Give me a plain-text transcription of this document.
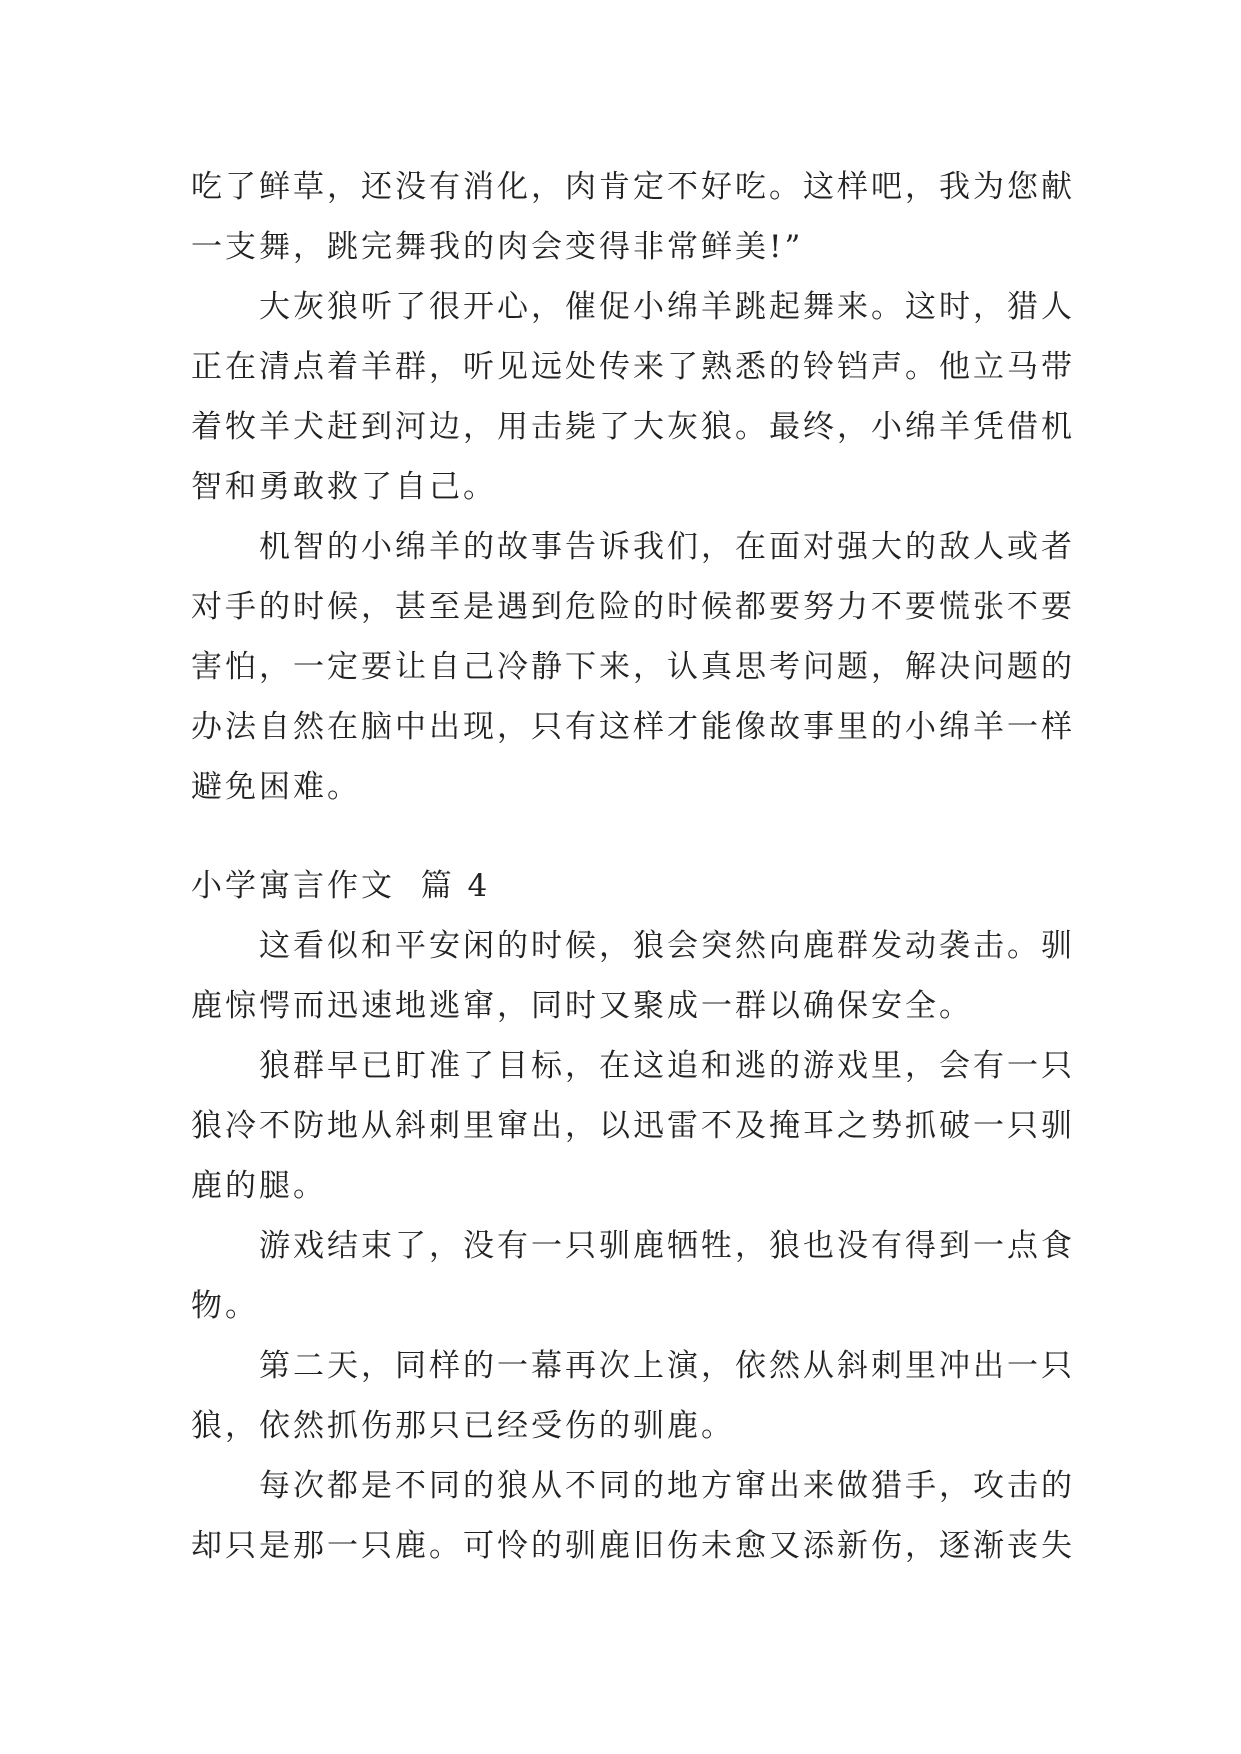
吃了鲜草，还没有消化，肉肯定不好吃。这样吧，我为您献
一支舞，跳完舞我的肉会变得非常鲜美!”
大灰狼听了很开心，催促小绵羊跳起舞来。这时，猎人
正在清点着羊群，听见远处传来了熟悉的铃铛声。他立马带
着牧羊犬赶到河边，用击毙了大灰狼。最终，小绵羊凭借机
智和勇敢救了自己。
机智的小绵羊的故事告诉我们，在面对强大的敌人或者
对手的时候，甚至是遇到危险的时候都要努力不要慌张不要
害怕，一定要让自己冷静下来，认真思考问题，解决问题的
办法自然在脑中出现，只有这样才能像故事里的小绵羊一样
避免困难。
小学寓言作文  篇 4
这看似和平安闲的时候，狼会突然向鹿群发动袭击。驯
鹿惊愕而迅速地逃窜，同时又聚成一群以确保安全。
狼群早已盯准了目标，在这追和逃的游戏里，会有一只
狼冷不防地从斜刺里窜出，以迅雷不及掩耳之势抓破一只驯
鹿的腿。
游戏结束了，没有一只驯鹿牺牲，狼也没有得到一点食
物。
第二天，同样的一幕再次上演，依然从斜刺里冲出一只
狼，依然抓伤那只已经受伤的驯鹿。
每次都是不同的狼从不同的地方窜出来做猎手，攻击的
却只是那一只鹿。可怜的驯鹿旧伤未愈又添新伤，逐渐丧失
